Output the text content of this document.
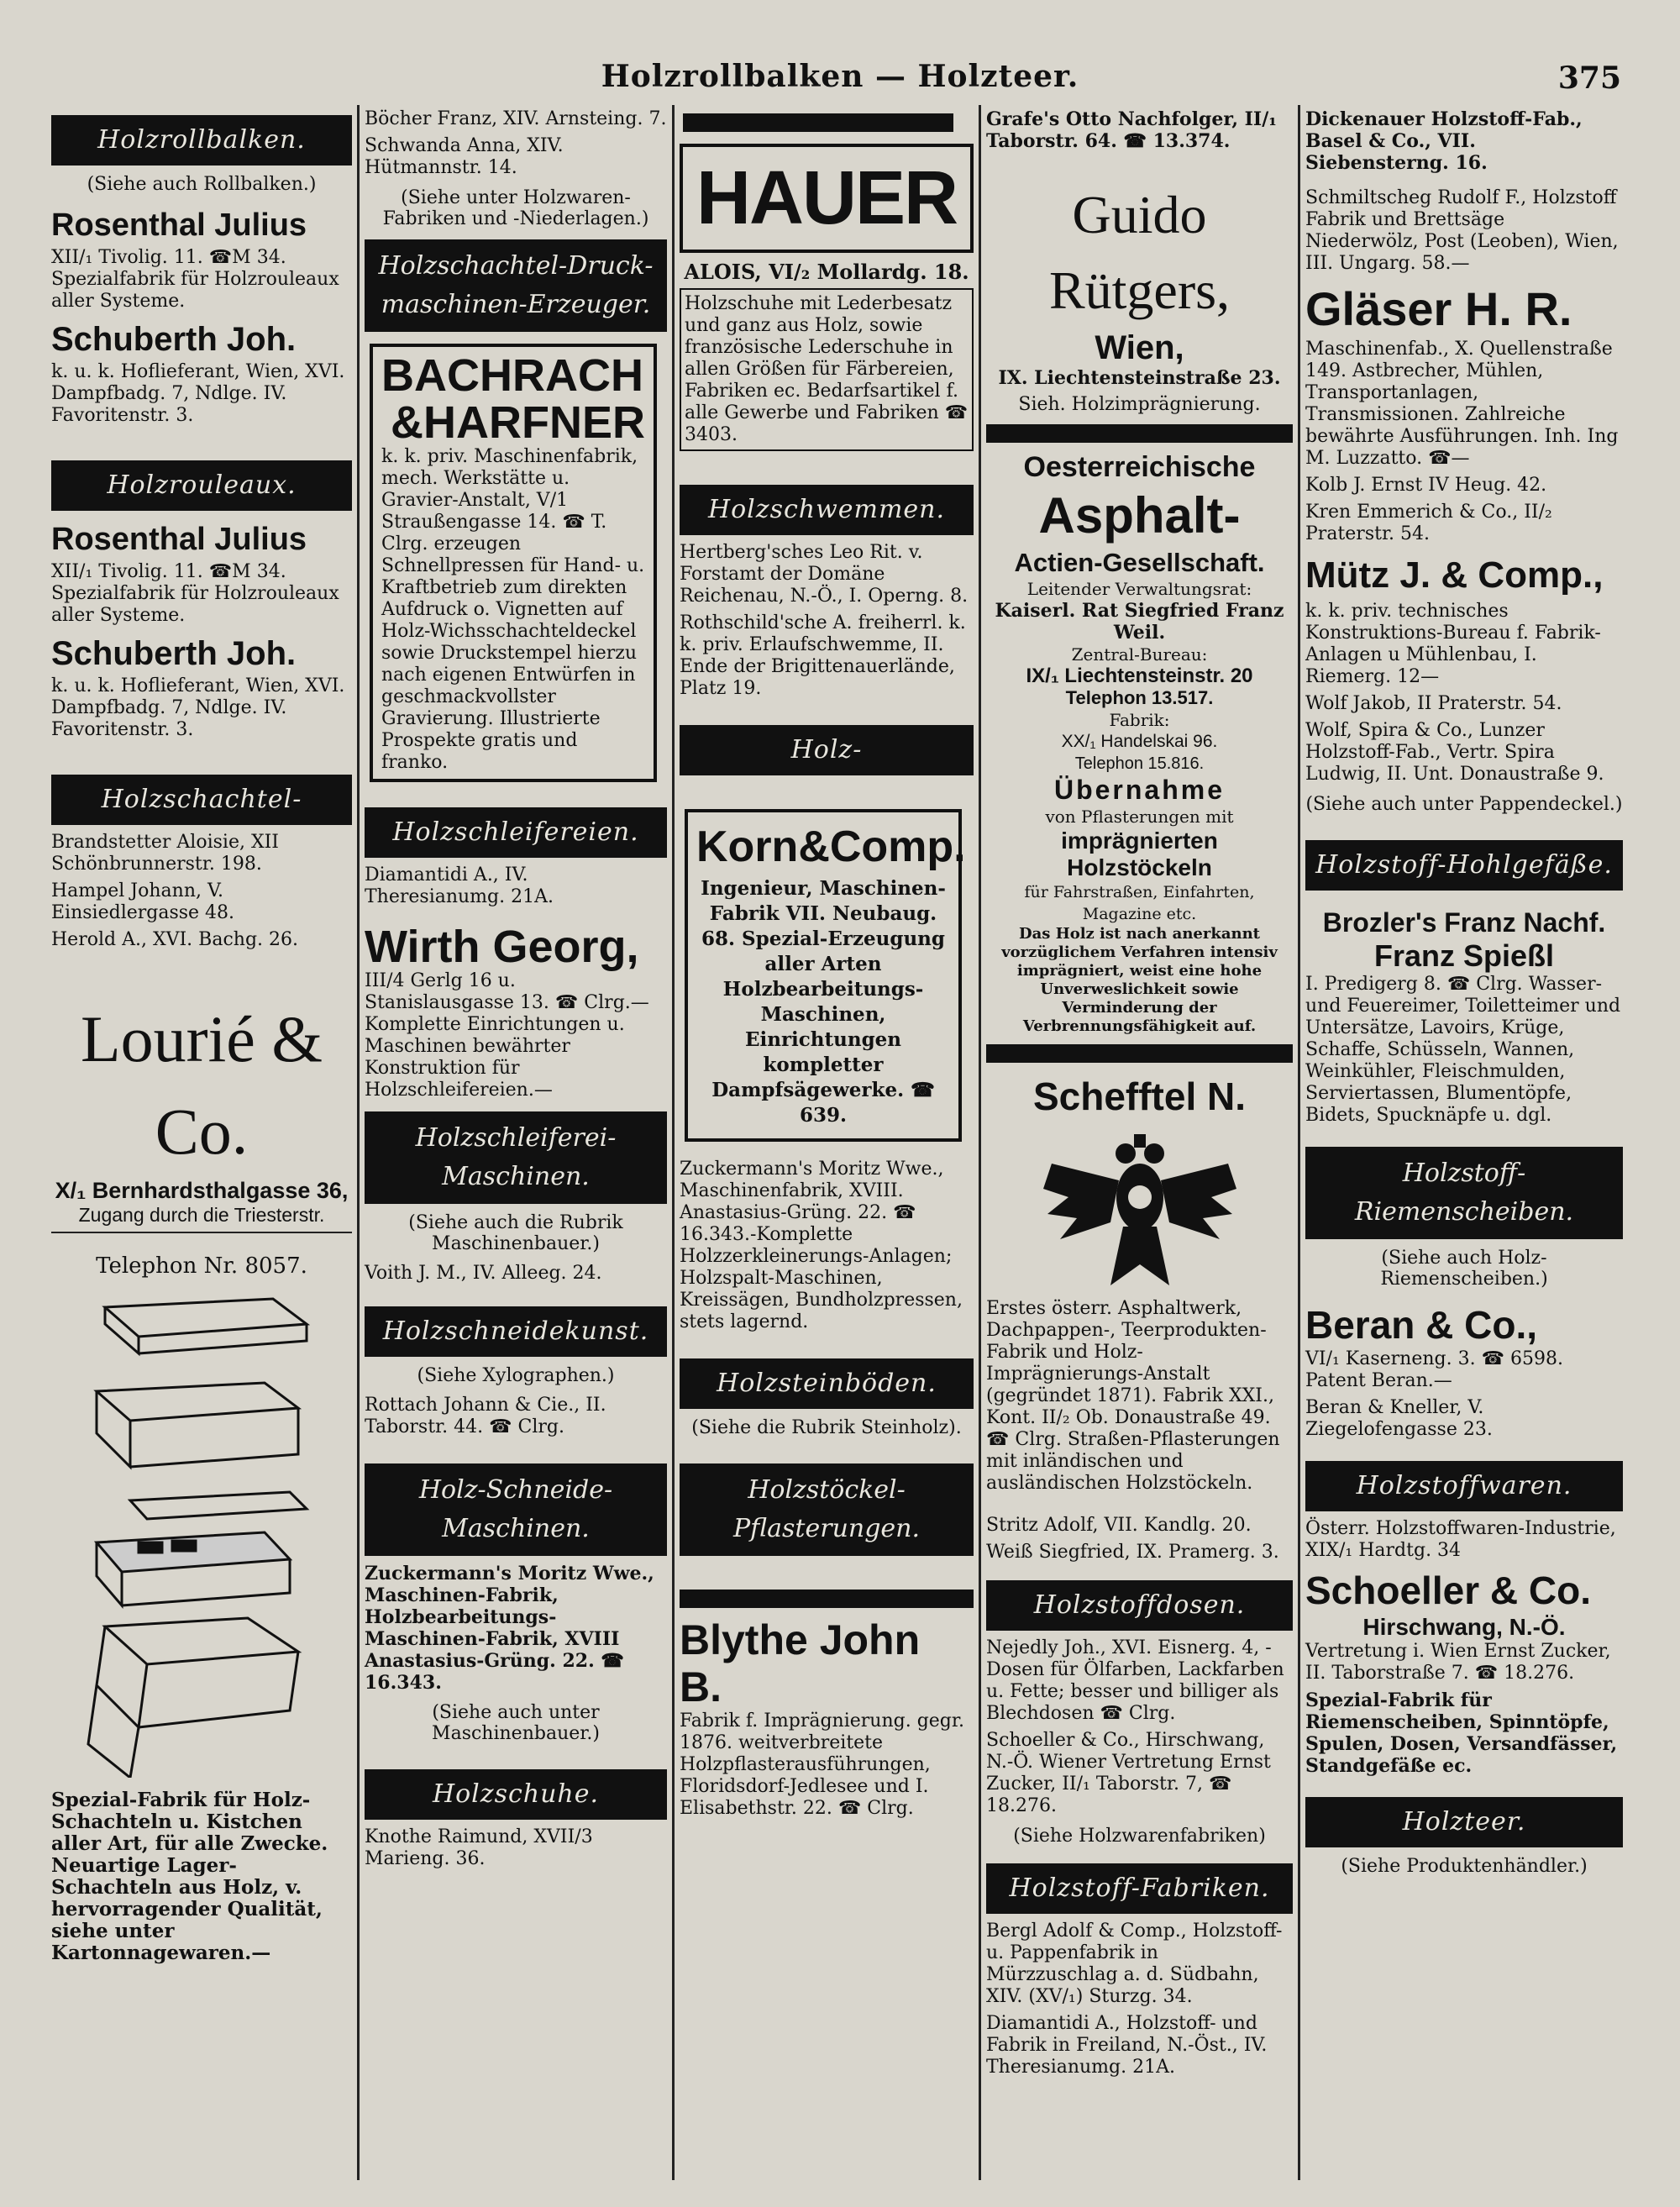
Holzrollbalken — Holzteer.	375
Holzrollbalken.
(Siehe auch Rollbalken.)
Rosenthal Julius
XII/₁ Tivolig. 11. ☎M 34. Spezialfabrik für Holzrouleaux aller Systeme.
Schuberth Joh.
k. u. k. Hoflieferant, Wien, XVI. Dampfbadg. 7, Ndlge. IV. Favoritenstr. 3.
Holzrouleaux.
Rosenthal Julius
XII/₁ Tivolig. 11. ☎M 34. Spezialfabrik für Holzrouleaux aller Systeme.
Schuberth Joh.
k. u. k. Hoflieferant, Wien, XVI. Dampfbadg. 7, Ndlge. IV. Favoritenstr. 3.
Holzschachtel-
Brandstetter Aloisie, XII Schönbrunnerstr. 198.
Hampel Johann, V. Einsiedlergasse 48.
Herold A., XVI. Bachg. 26.
Lourié & Co.
X/₁ Bernhardsthalgasse 36,
Zugang durch die Triesterstr.
Telephon Nr. 8057.
Spezial-Fabrik für Holz-Schachteln u. Kistchen aller Art, für alle Zwecke. Neuartige Lager-Schachteln aus Holz, v. hervorragender Qualität, siehe unter Kartonnagewaren.—
Böcher Franz, XIV. Arnsteing. 7.
Schwanda Anna, XIV. Hütmannstr. 14.
(Siehe unter Holzwaren-Fabriken und -Niederlagen.)
Holzschachtel-Druck-
maschinen-Erzeuger.
BACHRACH
&HARFNER
k. k. priv. Maschinenfabrik, mech. Werkstätte u. Gravier-Anstalt, V/1 Straußengasse 14. ☎ T. Clrg. erzeugen Schnellpressen für Hand- u. Kraftbetrieb zum direkten Aufdruck o. Vignetten auf Holz-Wichsschachteldeckel sowie Druckstempel hierzu nach eigenen Entwürfen in geschmackvollster Gravierung. Illustrierte Prospekte gratis und franko.
Holzschleifereien.
Diamantidi A., IV. Theresianumg. 21A.
Wirth Georg,
III/4 Gerlg 16 u. Stanislausgasse 13. ☎ Clrg.— Komplette Einrichtungen u. Maschinen bewährter Konstruktion für Holzschleifereien.—
Holzschleiferei-
Maschinen.
(Siehe auch die Rubrik Maschinenbauer.)
Voith J. M., IV. Alleeg. 24.
Holzschneidekunst.
(Siehe Xylographen.)
Rottach Johann & Cie., II. Taborstr. 44. ☎ Clrg.
Holz-Schneide-
Maschinen.
Zuckermann's Moritz Wwe., Maschinen-Fabrik, Holzbearbeitungs-Maschinen-Fabrik, XVIII Anastasius-Grüng. 22. ☎ 16.343.
(Siehe auch unter Maschinenbauer.)
Holzschuhe.
Knothe Raimund, XVII/3 Marieng. 36.
HAUER
ALOIS, VI/₂ Mollardg. 18.
Holzschuhe mit Lederbesatz und ganz aus Holz, sowie französische Lederschuhe in allen Größen für Färbereien, Fabriken ec. Bedarfsartikel f. alle Gewerbe und Fabriken ☎ 3403.
Holzschwemmen.
Hertberg'sches Leo Rit. v. Forstamt der Domäne Reichenau, N.-Ö., I. Operng. 8.
Rothschild'sche A. freiherrl. k. k. priv. Erlaufschwemme, II. Ende der Brigittenauerlände, Platz 19.
Holz-
Korn&Comp.
Ingenieur, Maschinen-Fabrik VII. Neubaug. 68. Spezial-Erzeugung aller Arten Holzbearbeitungs-Maschinen, Einrichtungen kompletter Dampfsägewerke. ☎ 639.
Zuckermann's Moritz Wwe., Maschinenfabrik, XVIII. Anastasius-Grüng. 22. ☎ 16.343.-Komplette Holzzerkleinerungs-Anlagen; Holzspalt-Maschinen, Kreissägen, Bundholzpressen, stets lagernd.
Holzsteinböden.
(Siehe die Rubrik Steinholz).
Holzstöckel-
Pflasterungen.
Blythe John B.
Fabrik f. Imprägnierung. gegr. 1876. weitverbreitete Holzpflasterausführungen, Floridsdorf-Jedlesee und I. Elisabethstr. 22. ☎ Clrg.
Grafe's Otto Nachfolger, II/₁ Taborstr. 64. ☎ 13.374.
Guido Rütgers,
Wien,
IX. Liechtensteinstraße 23.
Sieh. Holzimprägnierung.
Oesterreichische
Asphalt-
Actien-Gesellschaft.
Leitender Verwaltungsrat:
Kaiserl. Rat Siegfried Franz Weil.
Zentral-Bureau:
IX/₁ Liechtensteinstr. 20
Telephon 13.517.
Fabrik:
XX/₁ Handelskai 96.
Telephon 15.816.
Übernahme
von Pflasterungen mit
imprägnierten Holzstöckeln
für Fahrstraßen, Einfahrten, Magazine etc.
Das Holz ist nach anerkannt vorzüglichem Verfahren intensiv imprägniert, weist eine hohe Unverweslichkeit sowie Verminderung der Verbrennungsfähigkeit auf.
Schefftel N.
Erstes österr. Asphaltwerk, Dachpappen-, Teerprodukten-Fabrik und Holz-Imprägnierungs-Anstalt (gegründet 1871). Fabrik XXI., Kont. II/₂ Ob. Donaustraße 49. ☎ Clrg. Straßen-Pflasterungen mit inländischen und ausländischen Holzstöckeln.
Stritz Adolf, VII. Kandlg. 20.
Weiß Siegfried, IX. Pramerg. 3.
Holzstoffdosen.
Nejedly Joh., XVI. Eisnerg. 4, -Dosen für Ölfarben, Lackfarben u. Fette; besser und billiger als Blechdosen ☎ Clrg.
Schoeller & Co., Hirschwang, N.-Ö. Wiener Vertretung Ernst Zucker, II/₁ Taborstr. 7, ☎ 18.276.
(Siehe Holzwarenfabriken)
Holzstoff-Fabriken.
Bergl Adolf & Comp., Holzstoff- u. Pappenfabrik in Mürzzuschlag a. d. Südbahn, XIV. (XV/₁) Sturzg. 34.
Diamantidi A., Holzstoff- und Fabrik in Freiland, N.-Öst., IV. Theresianumg. 21A.
Dickenauer Holzstoff-Fab., Basel & Co., VII. Siebensterng. 16.
Schmiltscheg Rudolf F., Holzstoff Fabrik und Brettsäge Niederwölz, Post (Leoben), Wien, III. Ungarg. 58.—
Gläser H. R.
Maschinenfab., X. Quellenstraße 149. Astbrecher, Mühlen, Transportanlagen, Transmissionen. Zahlreiche bewährte Ausführungen. Inh. Ing M. Luzzatto. ☎—
Kolb J. Ernst IV Heug. 42.
Kren Emmerich & Co., II/₂ Praterstr. 54.
Mütz J. & Comp.,
k. k. priv. technisches Konstruktions-Bureau f. Fabrik-Anlagen u Mühlenbau, I. Riemerg. 12—
Wolf Jakob, II Praterstr. 54.
Wolf, Spira & Co., Lunzer Holzstoff-Fab., Vertr. Spira Ludwig, II. Unt. Donaustraße 9.
(Siehe auch unter Pappendeckel.)
Holzstoff-Hohlgefäße.
Brozler's Franz Nachf.
Franz Spießl
I. Predigerg 8. ☎ Clrg. Wasser- und Feuereimer, Toiletteimer und Untersätze, Lavoirs, Krüge, Schaffe, Schüsseln, Wannen, Weinkühler, Fleischmulden, Serviertassen, Blumentöpfe, Bidets, Spucknäpfe u. dgl.
Holzstoff-
Riemenscheiben.
(Siehe auch Holz-Riemenscheiben.)
Beran & Co.,
VI/₁ Kaserneng. 3. ☎ 6598. Patent Beran.—
Beran & Kneller, V. Ziegelofengasse 23.
Holzstoffwaren.
Österr. Holzstoffwaren-Industrie, XIX/₁ Hardtg. 34
Schoeller & Co.
Hirschwang, N.-Ö.
Vertretung i. Wien Ernst Zucker, II. Taborstraße 7. ☎ 18.276.
Spezial-Fabrik für Riemenscheiben, Spinntöpfe, Spulen, Dosen, Versandfässer, Standgefäße ec.
Holzteer.
(Siehe Produktenhändler.)
